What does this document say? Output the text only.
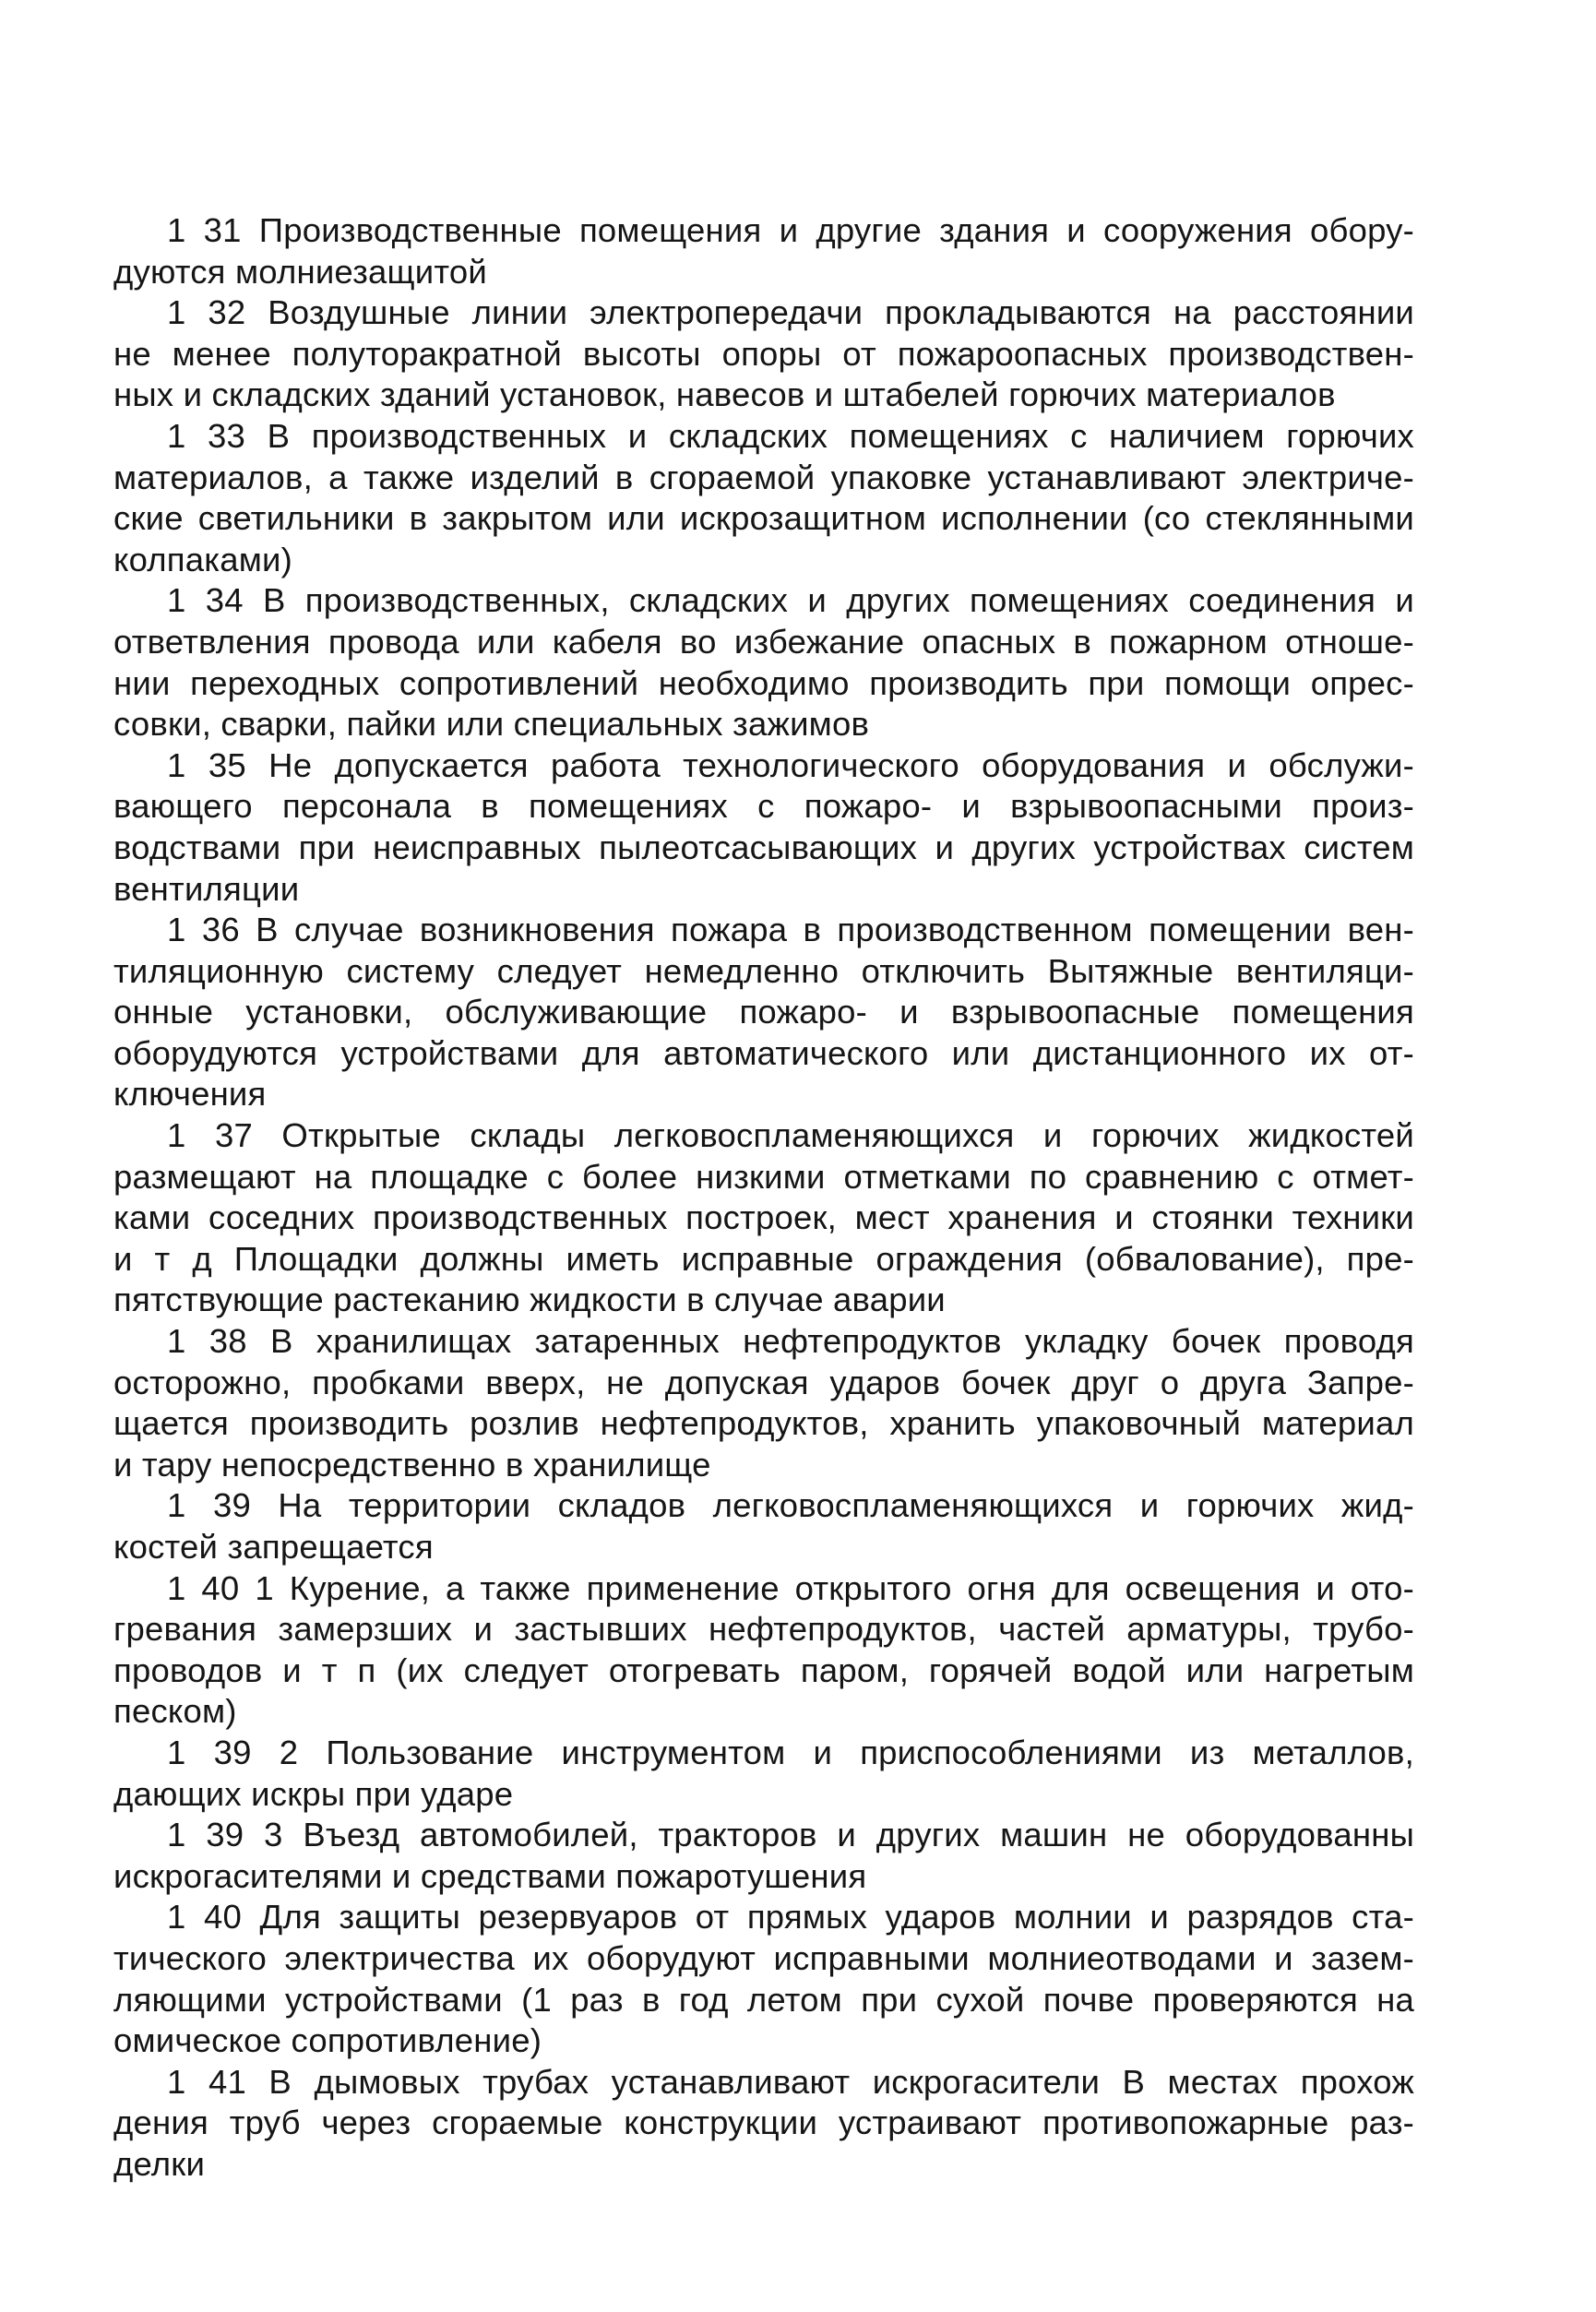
1 31 Производственные помещения и другие здания и сооружения обору-
дуются молниезащитой
1 32 Воздушные линии электропередачи прокладываются на расстоянии
не менее полуторакратной высоты опоры от пожароопасных производствен-
ных и складских зданий установок, навесов и штабелей горючих материалов
1 33 В производственных и складских помещениях с наличием горючих
материалов, а также изделий в сгораемой упаковке устанавливают электриче-
ские светильники в закрытом или искрозащитном исполнении (со стеклянными
колпаками)
1 34 В производственных, складских и других помещениях соединения и
ответвления провода или кабеля во избежание опасных в пожарном отноше-
нии переходных сопротивлений необходимо производить при помощи опрес-
совки, сварки, пайки или специальных зажимов
1 35 Не допускается работа технологического оборудования и обслужи-
вающего персонала в помещениях с пожаро- и взрывоопасными произ-
водствами при неисправных пылеотсасывающих и других устройствах систем
вентиляции
1 36 В случае возникновения пожара в производственном помещении вен-
тиляционную систему следует немедленно отключить Вытяжные вентиляци-
онные установки, обслуживающие пожаро- и взрывоопасные помещения
оборудуются устройствами для автоматического или дистанционного их от-
ключения
1 37 Открытые склады легковоспламеняющихся и горючих жидкостей
размещают на площадке с более низкими отметками по сравнению с отмет-
ками соседних производственных построек, мест хранения и стоянки техники
и т д Площадки должны иметь исправные ограждения (обвалование), пре-
пятствующие растеканию жидкости в случае аварии
1 38 В хранилищах затаренных нефтепродуктов укладку бочек проводя
осторожно, пробками вверх, не допуская ударов бочек друг о друга Запре-
щается производить розлив нефтепродуктов, хранить упаковочный материал
и тару непосредственно в хранилище
1 39 На территории складов легковоспламеняющихся и горючих жид-
костей запрещается
1 40 1 Курение, а также применение открытого огня для освещения и ото-
гревания замерзших и застывших нефтепродуктов, частей арматуры, трубо-
проводов и т п (их следует отогревать паром, горячей водой или нагретым
песком)
1 39 2 Пользование инструментом и приспособлениями из металлов,
дающих искры при ударе
1 39 3 Въезд автомобилей, тракторов и других машин не оборудованны
искрогасителями и средствами пожаротушения
1 40 Для защиты резервуаров от прямых ударов молнии и разрядов ста-
тического электричества их оборудуют исправными молниеотводами и зазем-
ляющими устройствами (1 раз в год летом при сухой почве проверяются на
омическое сопротивление)
1 41 В дымовых трубах устанавливают искрогасители В местах прохож
дения труб через сгораемые конструкции устраивают противопожарные раз-
делки
